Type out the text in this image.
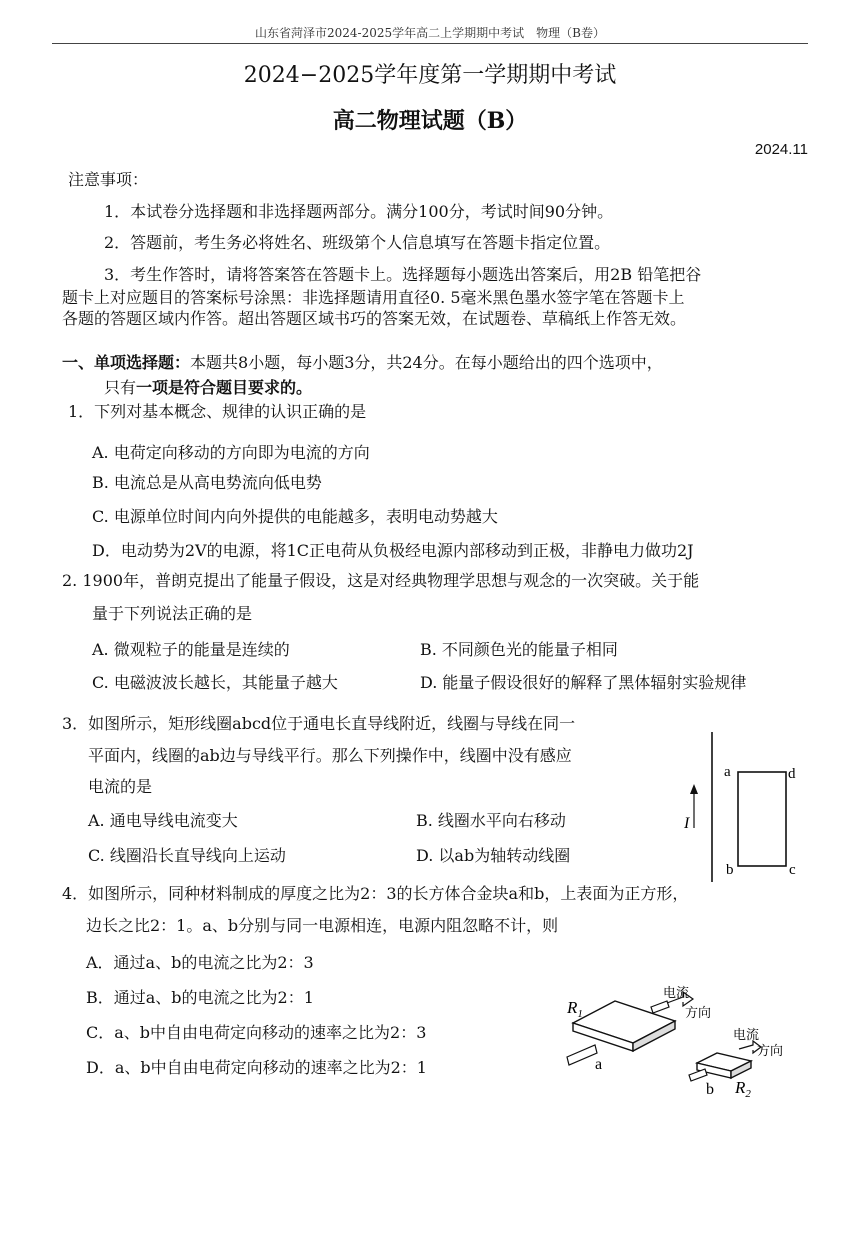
山东省菏泽市2024-2025学年高二上学期期中考试　物理（B卷）
2024−2025学年度第一学期期中考试
高二物理试题（B）
2024.11
注意事项：
1．本试卷分选择题和非选择题两部分。满分100分，考试时间90分钟。
2．答题前，考生务必将姓名、班级第个人信息填写在答题卡指定位置。
3．考生作答时，请将答案答在答题卡上。选择题每小题选出答案后，用2B 铅笔把谷
题卡上对应题目的答案标号涂黑：非选择题请用直径0. 5毫米黑色墨水签字笔在答题卡上
各题的答题区域内作答。超出答题区域书巧的答案无效，在试题卷、草稿纸上作答无效。
一、单项选择题：本题共8小题，每小题3分，共24分。在每小题给出的四个选项中，
只有一项是符合题目要求的。
1．下列对基本概念、规律的认识正确的是
A. 电荷定向移动的方向即为电流的方向
B. 电流总是从高电势流向低电势
C. 电源单位时间内向外提供的电能越多，表明电动势越大
D．电动势为2V的电源，将1C正电荷从负极经电源内部移动到正极，非静电力做功2J
2. 1900年，普朗克提出了能量子假设，这是对经典物理学思想与观念的一次突破。关于能
量于下列说法正确的是
A. 微观粒子的能量是连续的	B. 不同颜色光的能量子相同
C. 电磁波波长越长，其能量子越大	D. 能量子假设很好的解释了黑体辐射实验规律
3．如图所示，矩形线圈abcd位于通电长直导线附近，线圈与导线在同一
平面内，线圈的ab边与导线平行。那么下列操作中，线圈中没有感应
电流的是
A. 通电导线电流变大	B. 线圈水平向右移动
C. 线圈沿长直导线向上运动	D. 以ab为轴转动线圈
I
a	d
b	c
4．如图所示，同种材料制成的厚度之比为2：3的长方体合金块a和b，上表面为正方形，
边长之比2：1。a、b分别与同一电源相连，电源内阻忽略不计，则
A．通过a、b的电流之比为2：3
B．通过a、b的电流之比为2：1
C．a、b中自由电荷定向移动的速率之比为2：3
D．a、b中自由电荷定向移动的速率之比为2：1
$R_1$
a
电流
方向
电流
方向
b $R_2$
